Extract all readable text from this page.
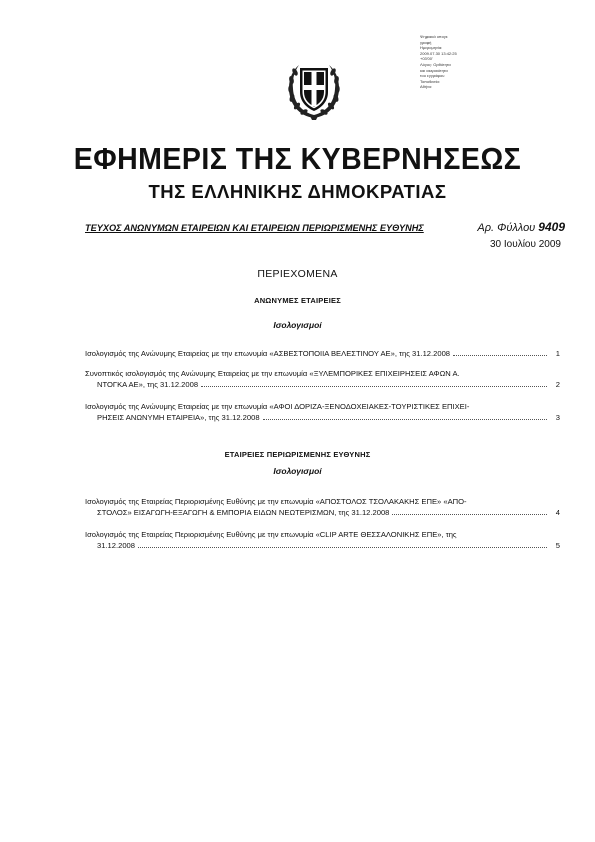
Ψηφιακά υπογε
γραφή
Ημερομηνία:
2009.07.30 13:42:25
+03'00'
Λόγος: Ορθότητα
και ακεραιότητα
του εγγράφου
Τοποθεσία:
Αθήνα
ΕΦΗΜΕΡΙΣ ΤΗΣ ΚΥΒΕΡΝΗΣΕΩΣ
ΤΗΣ ΕΛΛΗΝΙΚΗΣ ΔΗΜΟΚΡΑΤΙΑΣ
ΤΕΥΧΟΣ ΑΝΩΝΥΜΩΝ ΕΤΑΙΡΕΙΩΝ ΚΑΙ ΕΤΑΙΡΕΙΩΝ ΠΕΡΙΩΡΙΣΜΕΝΗΣ ΕΥΘΥΝΗΣ	Αρ. Φύλλου 9409
30 Ιουλίου 2009
ΠΕΡΙΕΧΟΜΕΝΑ
ΑΝΩΝΥΜΕΣ ΕΤΑΙΡΕΙΕΣ
Ισολογισμοί
Ισολογισμός της Ανώνυμης Εταιρείας με την επωνυμία «ΑΣΒΕΣΤΟΠΟΙΙΑ ΒΕΛΕΣΤΙΝΟΥ ΑΕ», της 31.12.2008	1
Συνοπτικός ισολογισμός της Ανώνυμης Εταιρείας με την επωνυμία «ΞΥΛΕΜΠΟΡΙΚΕΣ ΕΠΙΧΕΙΡΗΣΕΙΣ ΑΦΩΝ Α.
ΝΤΟΓΚΑ ΑΕ», της 31.12.2008	2
Ισολογισμός της Ανώνυμης Εταιρείας με την επωνυμία «ΑΦΟΙ ΔΟΡΙΖΑ-ΞΕΝΟΔΟΧΕΙΑΚΕΣ-ΤΟΥΡΙΣΤΙΚΕΣ ΕΠΙΧΕΙ-
ΡΗΣΕΙΣ ΑΝΩΝΥΜΗ ΕΤΑΙΡΕΙΑ», της 31.12.2008	3
ΕΤΑΙΡΕΙΕΣ ΠΕΡΙΩΡΙΣΜΕΝΗΣ ΕΥΘΥΝΗΣ
Ισολογισμοί
Ισολογισμός της Εταιρείας Περιορισμένης Ευθύνης με την επωνυμία «ΑΠΟΣΤΟΛΟΣ ΤΣΟΛΑΚΑΚΗΣ ΕΠΕ» «ΑΠΟ-
ΣΤΟΛΟΣ» ΕΙΣΑΓΩΓΗ-ΕΞΑΓΩΓΗ & ΕΜΠΟΡΙΑ ΕΙΔΩΝ ΝΕΩΤΕΡΙΣΜΩΝ, της 31.12.2008	4
Ισολογισμός της Εταιρείας Περιορισμένης Ευθύνης με την επωνυμία «CLIP ARTE ΘΕΣΣΑΛΟΝΙΚΗΣ ΕΠΕ», της
31.12.2008	5
